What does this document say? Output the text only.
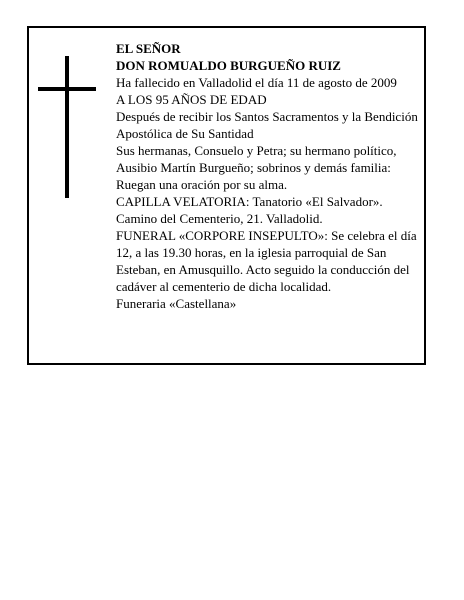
EL SEÑOR

DON ROMUALDO BURGUEÑO RUIZ

Ha fallecido en Valladolid el día 11 de agosto de 2009

A LOS 95 AÑOS DE EDAD

Después de recibir los Santos Sacramentos y la Bendición Apostólica de Su Santidad

Sus hermanas, Consuelo y Petra; su hermano político, Ausibio Martín Burgueño; sobrinos y demás familia:

Ruegan una oración por su alma.

CAPILLA VELATORIA: Tanatorio «El Salvador». Camino del Cementerio, 21. Valladolid.

FUNERAL «CORPORE INSEPULTO»: Se celebra el día 12, a las 19.30 horas, en la iglesia parroquial de San Esteban, en Amusquillo. Acto seguido la conducción del cadáver al cementerio de dicha localidad.

Funeraria «Castellana»
